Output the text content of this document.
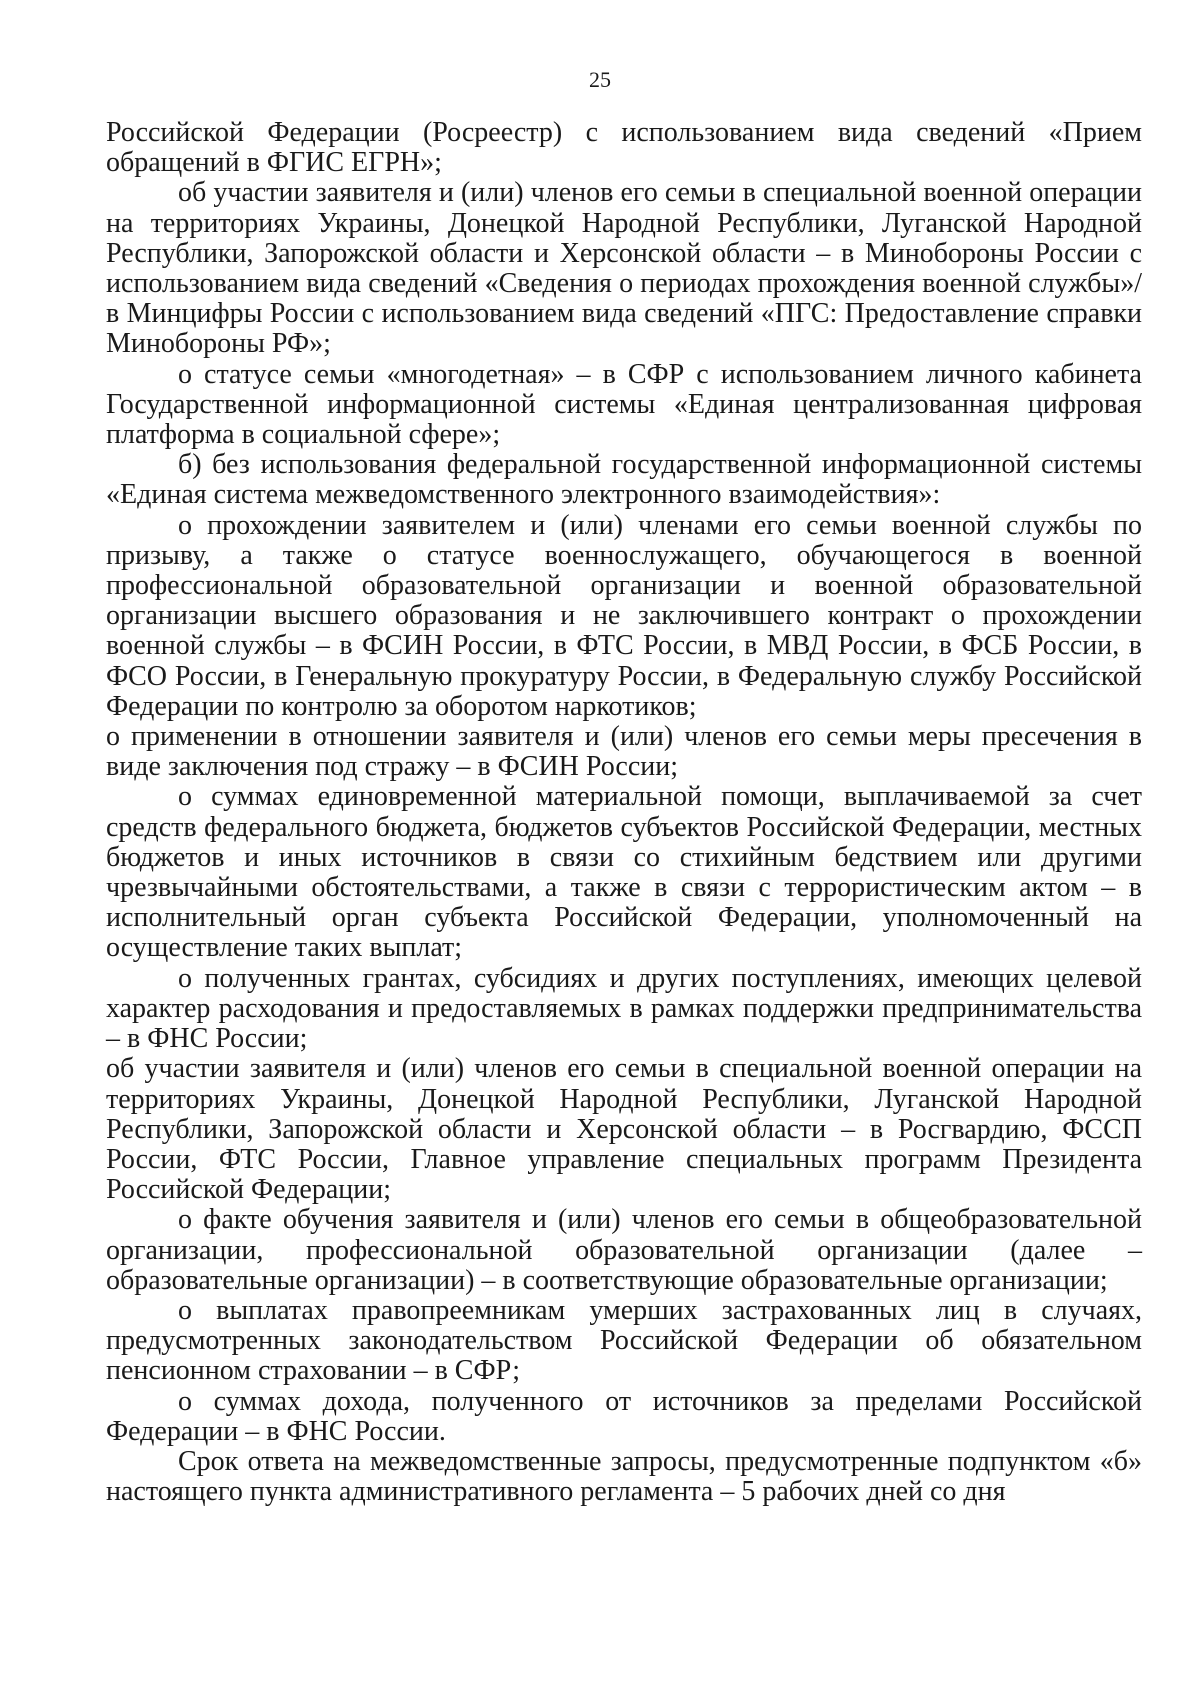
25

Российской Федерации (Росреестр) с использованием вида сведений «Прием обращений в ФГИС ЕГРН»;

об участии заявителя и (или) членов его семьи в специальной военной операции на территориях Украины, Донецкой Народной Республики, Луганской Народной Республики, Запорожской области и Херсонской области – в Минобороны России с использованием вида сведений «Сведения о периодах прохождения военной службы»/ в Минцифры России с использованием вида сведений «ПГС: Предоставление справки Минобороны РФ»;

о статусе семьи «многодетная» – в СФР с использованием личного кабинета Государственной информационной системы «Единая централизованная цифровая платформа в социальной сфере»;

б) без использования федеральной государственной информационной системы «Единая система межведомственного электронного взаимодействия»:

о прохождении заявителем и (или) членами его семьи военной службы по призыву, а также о статусе военнослужащего, обучающегося в военной профессиональной образовательной организации и военной образовательной организации высшего образования и не заключившего контракт о прохождении военной службы – в ФСИН России, в ФТС России, в МВД России, в ФСБ России, в ФСО России, в Генеральную прокуратуру России, в Федеральную службу Российской Федерации по контролю за оборотом наркотиков;

о применении в отношении заявителя и (или) членов его семьи меры пресечения в виде заключения под стражу – в ФСИН России;

о суммах единовременной материальной помощи, выплачиваемой за счет средств федерального бюджета, бюджетов субъектов Российской Федерации, местных бюджетов и иных источников в связи со стихийным бедствием или другими чрезвычайными обстоятельствами, а также в связи с террористическим актом – в исполнительный орган субъекта Российской Федерации, уполномоченный на осуществление таких выплат;

о полученных грантах, субсидиях и других поступлениях, имеющих целевой характер расходования и предоставляемых в рамках поддержки предпринимательства – в ФНС России;

об участии заявителя и (или) членов его семьи в специальной военной операции на территориях Украины, Донецкой Народной Республики, Луганской Народной Республики, Запорожской области и Херсонской области – в Росгвардию, ФССП России, ФТС России, Главное управление специальных программ Президента Российской Федерации;

о факте обучения заявителя и (или) членов его семьи в общеобразовательной организации, профессиональной образовательной организации (далее – образовательные организации) – в соответствующие образовательные организации;

о выплатах правопреемникам умерших застрахованных лиц в случаях, предусмотренных законодательством Российской Федерации об обязательном пенсионном страховании – в СФР;

о суммах дохода, полученного от источников за пределами Российской Федерации – в ФНС России.

Срок ответа на межведомственные запросы, предусмотренные подпунктом «б» настоящего пункта административного регламента – 5 рабочих дней со дня
